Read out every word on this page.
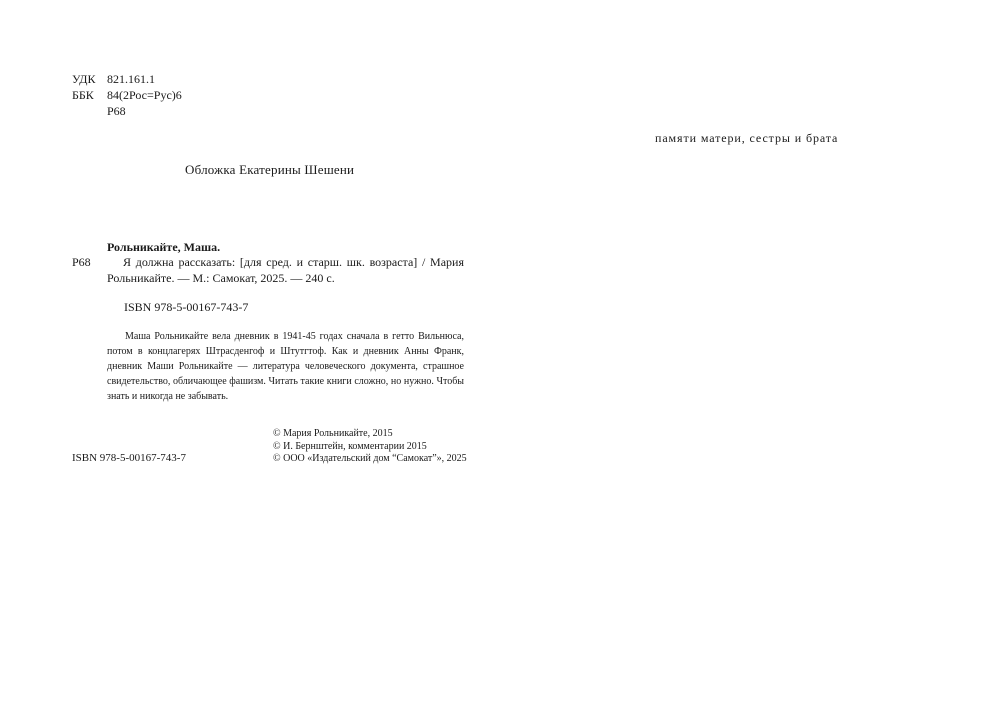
УДК 821.161.1
ББК 84(2Рос=Рус)6
Р68
памяти матери, сестры и брата
Обложка Екатерины Шешени
Рольникайте, Маша.
Р68	Я должна рассказать: [для сред. и старш. шк. возраста] / Мария Рольникайте. — М.: Самокат, 2025. — 240 с.
ISBN 978-5-00167-743-7
Маша Рольникайте вела дневник в 1941-45 годах сначала в гетто Вильнюса, потом в концлагерях Штрасденгоф и Штутгтоф. Как и дневник Анны Франк, дневник Маши Рольникайте — литература человеческого документа, страшное свидетельство, обличающее фашизм. Читать такие книги сложно, но нужно. Чтобы знать и никогда не забывать.
© Мария Рольникайте, 2015
© И. Бернштейн, комментарии 2015
© ООО «Издательский дом “Самокат”», 2025
ISBN 978-5-00167-743-7
